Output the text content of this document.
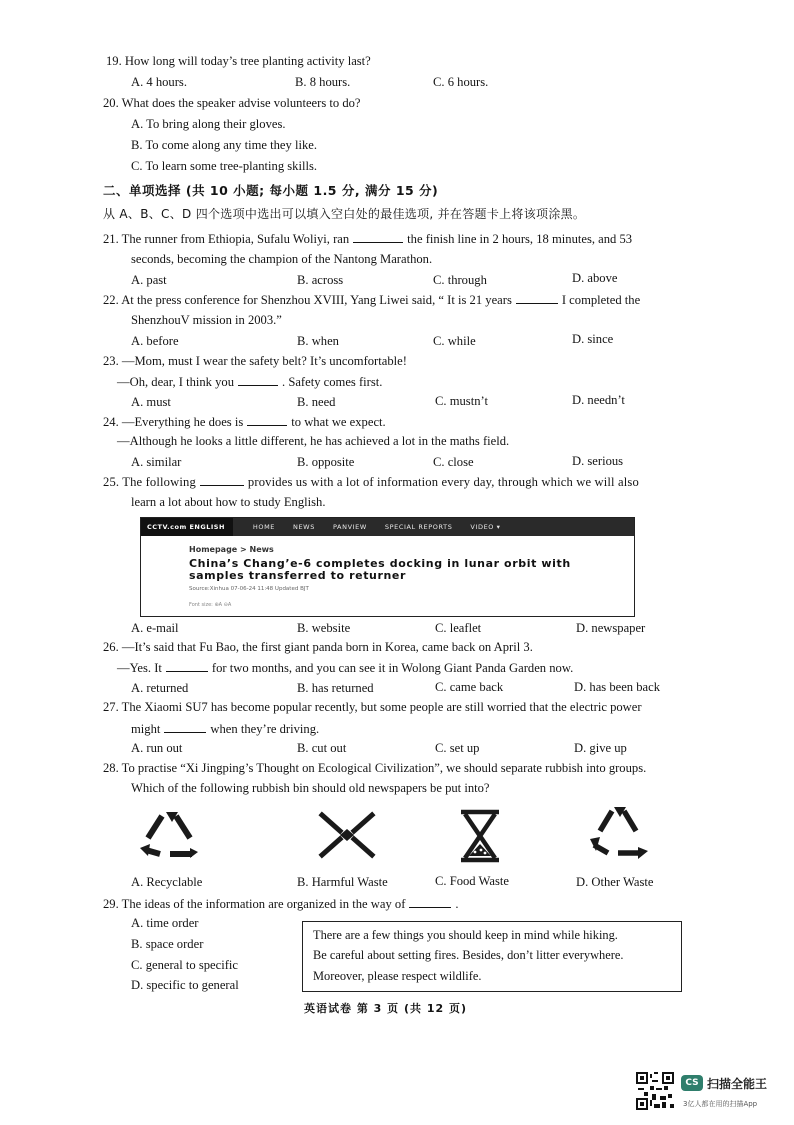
19. How long will today’s tree planting activity last?
A. 4 hours.	B. 8 hours.	C. 6 hours.
20. What does the speaker advise volunteers to do?
A. To bring along their gloves.
B. To come along any time they like.
C. To learn some tree-planting skills.
二、单项选择 (共 10 小题; 每小题 1.5 分, 满分 15 分)
从 A、B、C、D 四个选项中选出可以填入空白处的最佳选项, 并在答题卡上将该项涂黑。
21. The runner from Ethiopia, Sufalu Woliyi, ran	the finish line in 2 hours, 18 minutes, and 53
seconds, becoming the champion of the Nantong Marathon.
A. past	B. across	C. through	D. above
22. At the press conference for Shenzhou XVIII, Yang Liwei said, “ It is 21 years	I completed the
ShenzhouV mission in 2003.”
A. before	B. when	C. while	D. since
23. —Mom, must I wear the safety belt? It’s uncomfortable!
—Oh, dear, I think you	. Safety comes first.
A. must	B. need	C. mustn’t	D. needn’t
24. —Everything he does is	to what we expect.
—Although he looks a little different, he has achieved a lot in the maths field.
A. similar	B. opposite	C. close	D. serious
25. The following	provides us with a lot of information every day, through which we will also
learn a lot about how to study English.
CCTV.com ENGLISH	HOME	NEWS	PANVIEW	SPECIAL REPORTS	VIDEO ▾
Homepage > News
China’s Chang’e-6 completes docking in lunar orbit with
samples transferred to returner
Source:Xinhua 07-06-24 11:48 Updated BJT
Font size: ⊕A ⊖A
A. e-mail	B. website	C. leaflet	D. newspaper
26. —It’s said that Fu Bao, the first giant panda born in Korea, came back on April 3.
—Yes. It	for two months, and you can see it in Wolong Giant Panda Garden now.
A. returned	B. has returned	C. came back	D. has been back
27. The Xiaomi SU7 has become popular recently, but some people are still worried that the electric power
might	when they’re driving.
A. run out	B. cut out	C. set up	D. give up
28. To practise “Xi Jingping’s Thought on Ecological Civilization”, we should separate rubbish into groups.
Which of the following rubbish bin should old newspapers be put into?
A. Recyclable	B. Harmful Waste	C. Food Waste	D. Other Waste
29. The ideas of the information are organized in the way of	.
A. time order
B. space order
C. general to specific
D. specific to general
There are a few things you should keep in mind while hiking.
Be careful about setting fires. Besides, don’t litter everywhere.
Moreover, please respect wildlife.
英语试卷 第 3 页 (共 12 页)
CS 扫描全能王
3亿人都在用的扫描App
